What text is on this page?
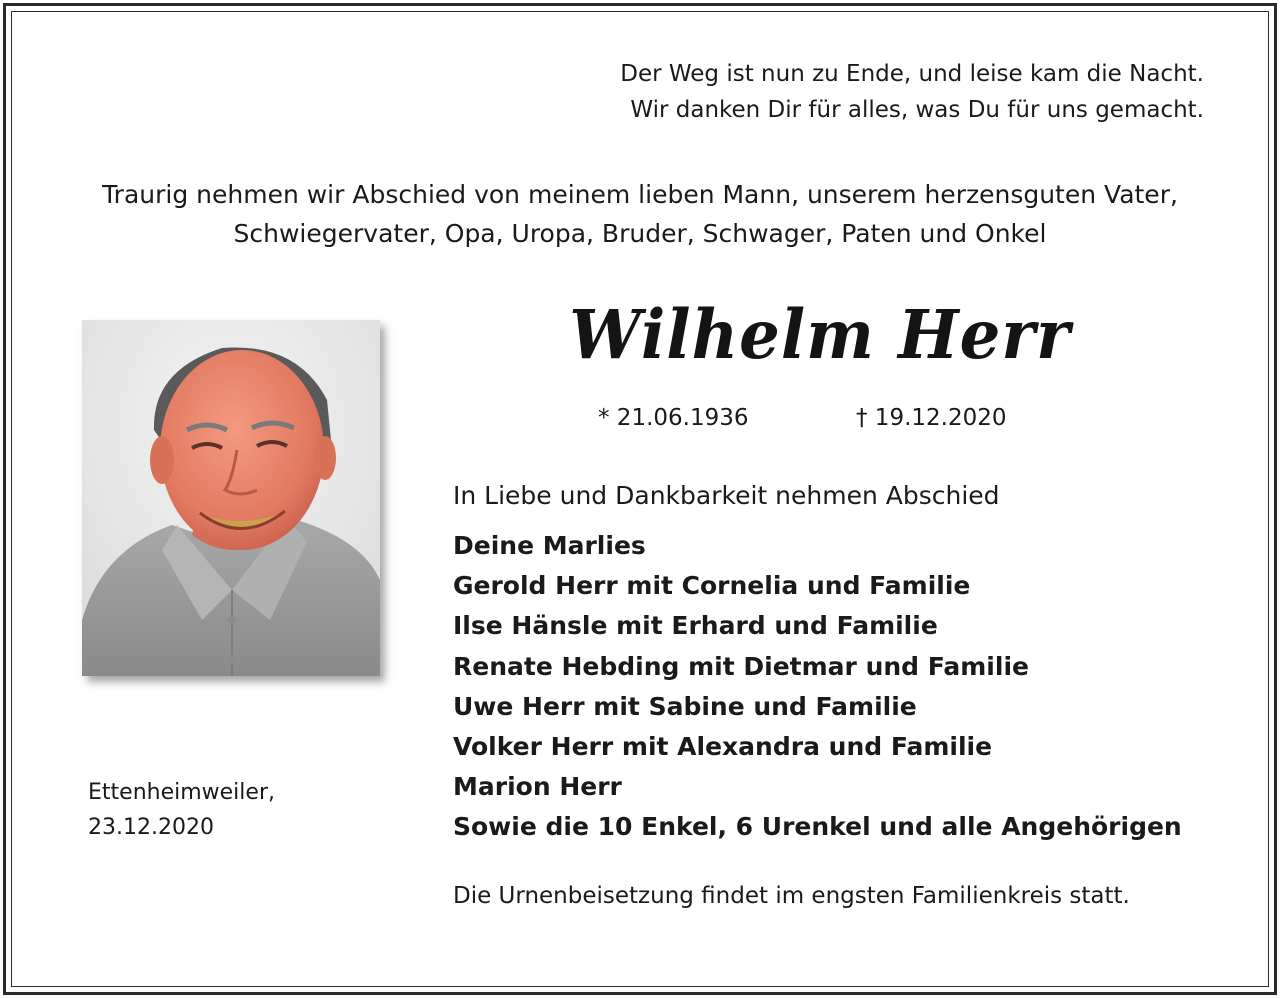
Der Weg ist nun zu Ende, und leise kam die Nacht.
Wir danken Dir für alles, was Du für uns gemacht.
Traurig nehmen wir Abschied von meinem lieben Mann, unserem herzensguten Vater,
Schwiegervater, Opa, Uropa, Bruder, Schwager, Paten und Onkel
Wilhelm Herr
* 21.06.1936	† 19.12.2020
In Liebe und Dankbarkeit nehmen Abschied
Deine Marlies
Gerold Herr mit Cornelia und Familie
Ilse Hänsle mit Erhard und Familie
Renate Hebding mit Dietmar und Familie
Uwe Herr mit Sabine und Familie
Volker Herr mit Alexandra und Familie
Marion Herr
Sowie die 10 Enkel, 6 Urenkel und alle Angehörigen
Ettenheimweiler,
23.12.2020
Die Urnenbeisetzung findet im engsten Familienkreis statt.
